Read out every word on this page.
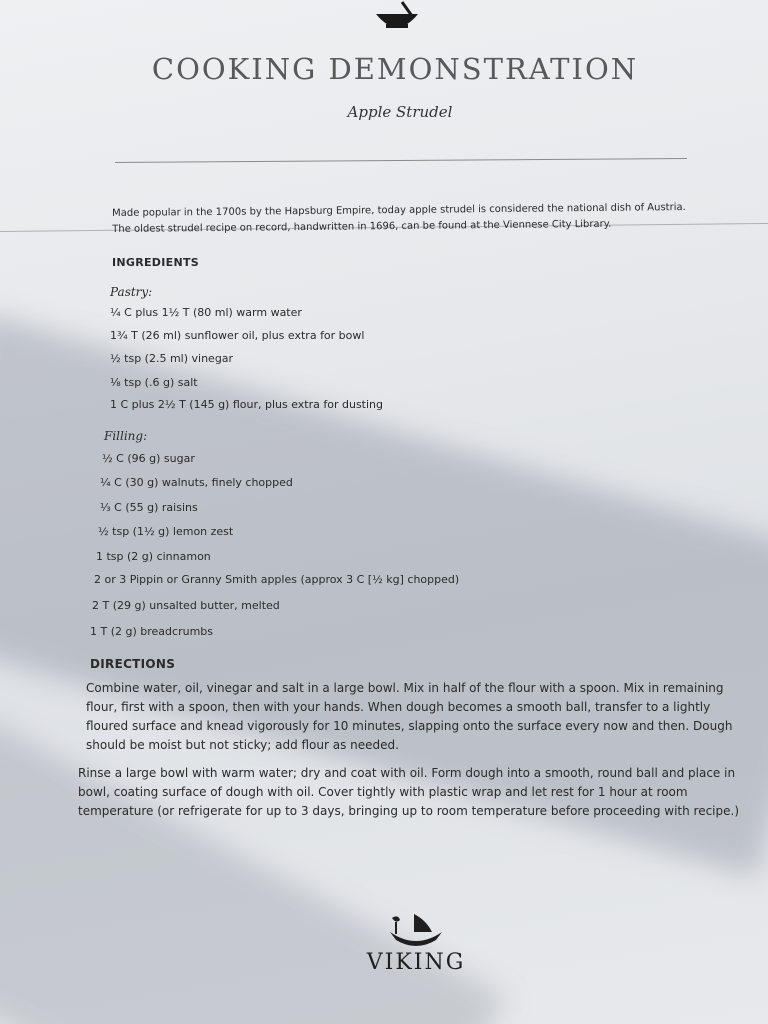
COOKING DEMONSTRATION
Apple Strudel
Made popular in the 1700s by the Hapsburg Empire, today apple strudel is considered the national dish of Austria. The oldest strudel recipe on record, handwritten in 1696, can be found at the Viennese City Library.
INGREDIENTS
Pastry:
¼ C plus 1½ T (80 ml) warm water
1¾ T (26 ml) sunflower oil, plus extra for bowl
½ tsp (2.5 ml) vinegar
⅛ tsp (.6 g) salt
1 C plus 2½ T (145 g) flour, plus extra for dusting
Filling:
½ C (96 g) sugar
¼ C (30 g) walnuts, finely chopped
⅓ C (55 g) raisins
½ tsp (1½ g) lemon zest
1 tsp (2 g) cinnamon
2 or 3 Pippin or Granny Smith apples (approx 3 C [½ kg] chopped)
2 T (29 g) unsalted butter, melted
1 T (2 g) breadcrumbs
DIRECTIONS
Combine water, oil, vinegar and salt in a large bowl. Mix in half of the flour with a spoon. Mix in remaining flour, first with a spoon, then with your hands. When dough becomes a smooth ball, transfer to a lightly floured surface and knead vigorously for 10 minutes, slapping onto the surface every now and then. Dough should be moist but not sticky; add flour as needed.
Rinse a large bowl with warm water; dry and coat with oil. Form dough into a smooth, round ball and place in bowl, coating surface of dough with oil. Cover tightly with plastic wrap and let rest for 1 hour at room temperature (or refrigerate for up to 3 days, bringing up to room temperature before proceeding with recipe.)
VIKING
